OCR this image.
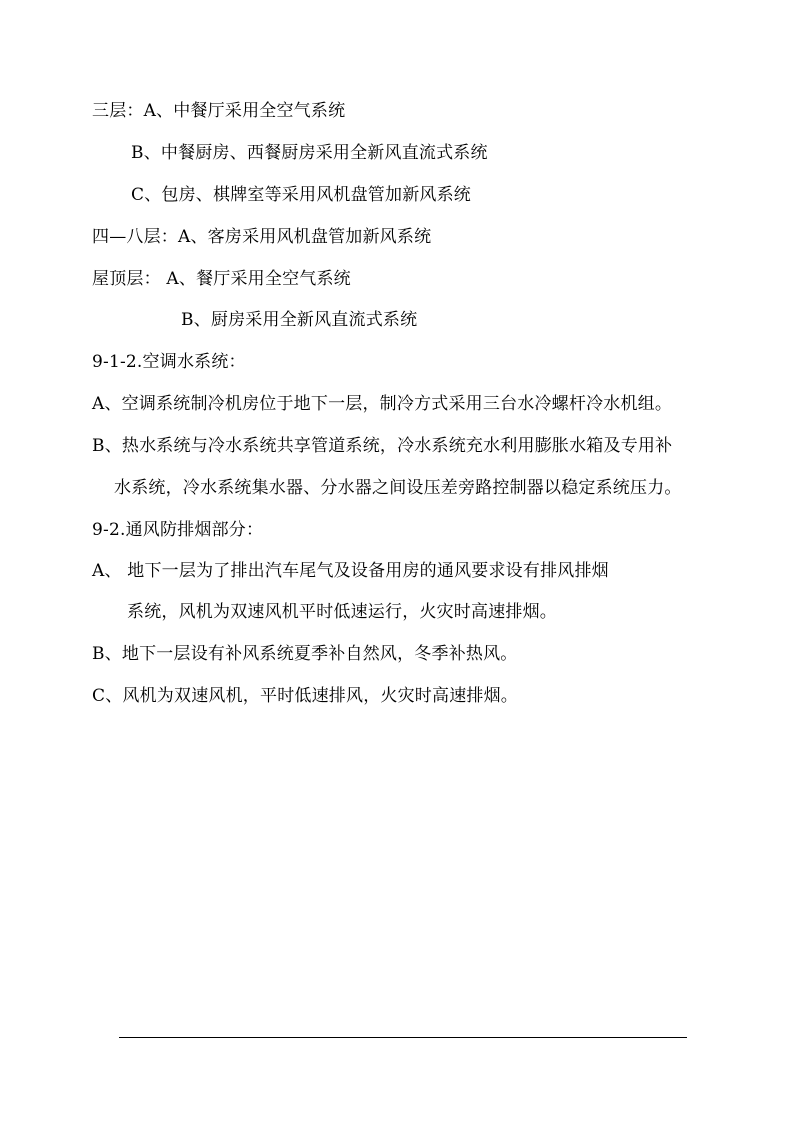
三层：A、中餐厅采用全空气系统
B、中餐厨房、西餐厨房采用全新风直流式系统
C、包房、棋牌室等采用风机盘管加新风系统
四—八层：A、客房采用风机盘管加新风系统
屋顶层： A、餐厅采用全空气系统
B、厨房采用全新风直流式系统
9-1-2.空调水系统：
A、空调系统制冷机房位于地下一层，制冷方式采用三台水冷螺杆冷水机组。
B、热水系统与冷水系统共享管道系统，冷水系统充水利用膨胀水箱及专用补
水系统，冷水系统集水器、分水器之间设压差旁路控制器以稳定系统压力。
9-2.通风防排烟部分：
A、 地下一层为了排出汽车尾气及设备用房的通风要求设有排风排烟
系统，风机为双速风机平时低速运行，火灾时高速排烟。
B、地下一层设有补风系统夏季补自然风，冬季补热风。
C、风机为双速风机，平时低速排风，火灾时高速排烟。
